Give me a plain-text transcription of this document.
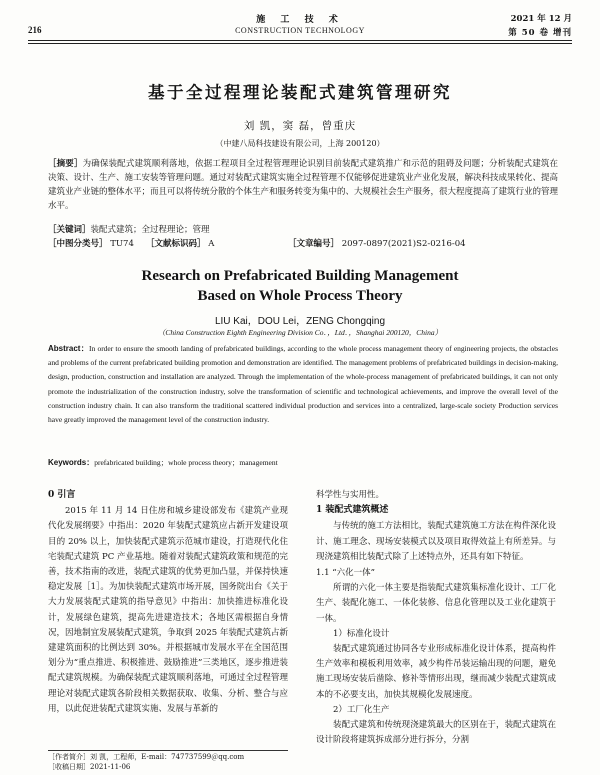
216
施 工 技 术
CONSTRUCTION TECHNOLOGY
2021 年 12 月
第 50 卷 增刊
基于全过程理论装配式建筑管理研究
刘 凯，窦 磊，曾重庆
（中建八局科技建设有限公司，上海 200120）
［摘要］为确保装配式建筑顺利落地，依据工程项目全过程管理理论识别目前装配式建筑推广和示范的阻碍及问题；分析装配式建筑在决策、设计、生产、施工安装等管理问题。通过对装配式建筑实施全过程管理不仅能够促进建筑业产业化发展，解决科技成果转化、提高建筑业产业链的整体水平；而且可以将传统分散的个体生产和服务转变为集中的、大规模社会生产服务，很大程度提高了建筑行业的管理水平。
［关键词］装配式建筑；全过程理论；管理
［中图分类号］ TU74 ［文献标识码］ A	［文章编号］ 2097-0897(2021)S2-0216-04
Research on Prefabricated Building Management
Based on Whole Process Theory
LIU Kai，DOU Lei，ZENG Chongqing
（China Construction Eighth Engineering Division Co．，Ltd．，Shanghai 200120，China）
Abstract：In order to ensure the smooth landing of prefabricated buildings, according to the whole process management theory of engineering projects, the obstacles and problems of the current prefabricated building promotion and demonstration are identified. The management problems of prefabricated buildings in decision-making, design, production, construction and installation are analyzed. Through the implementation of the whole-process management of prefabricated buildings, it can not only promote the industrialization of the construction industry, solve the transformation of scientific and technological achievements, and improve the overall level of the construction industry chain. It can also transform the traditional scattered individual production and services into a centralized, large-scale society Production services have greatly improved the management level of the construction industry.
Keywords：prefabricated building；whole process theory；management
0 引言
2015 年 11 月 14 日住房和城乡建设部发布《建筑产业现代化发展纲要》中指出：2020 年装配式建筑应占新开发建设项目的 20% 以上，加快装配式建筑示范城市建设，打造现代化住宅装配式建筑 PC 产业基地。随着对装配式建筑政策和规范的完善，技术指南的改进，装配式建筑的优势更加凸显，并保持快速稳定发展［1］。为加快装配式建筑市场开展，国务院出台《关于大力发展装配式建筑的指导意见》中指出：加快推进标准化设计，发展绿色建筑，提高先进建造技术；各地区需根据自身情况，因地制宜发展装配式建筑，争取到 2025 年装配式建筑占新建建筑面积的比例达到 30%。并根据城市发展水平在全国范围划分为“重点推进、积极推进、鼓励推进”三类地区，逐步推进装配式建筑规模。为确保装配式建筑顺利落地，可通过全过程管理理论对装配式建筑各阶段相关数据获取、收集、分析、整合与应用，以此促进装配式建筑实施、发展与革新的
科学性与实用性。
1 装配式建筑概述
与传统的施工方法相比，装配式建筑施工方法在构件深化设计、施工理念、现场安装模式以及项目取得效益上有所差异。与现浇建筑相比装配式除了上述特点外，还具有如下特征。
1.1 “六化一体”
所谓的六化一体主要是指装配式建筑集标准化设计、工厂化生产、装配化施工、一体化装修、信息化管理以及工业化建筑于一体。
1）标准化设计
装配式建筑通过协同各专业形成标准化设计体系，提高构件生产效率和模板利用效率，减少构件吊装运输出现的问题，避免施工现场安装后凿除、修补等情形出现，继而减少装配式建筑成本的不必要支出，加快其规模化发展速度。
2）工厂化生产
装配式建筑和传统现浇建筑最大的区别在于，装配式建筑在设计阶段将建筑拆成部分进行拆分，分割
［作者简介］刘 凯，工程师，E-mail：747737599＠qq.com
［收稿日期］2021-11-06
